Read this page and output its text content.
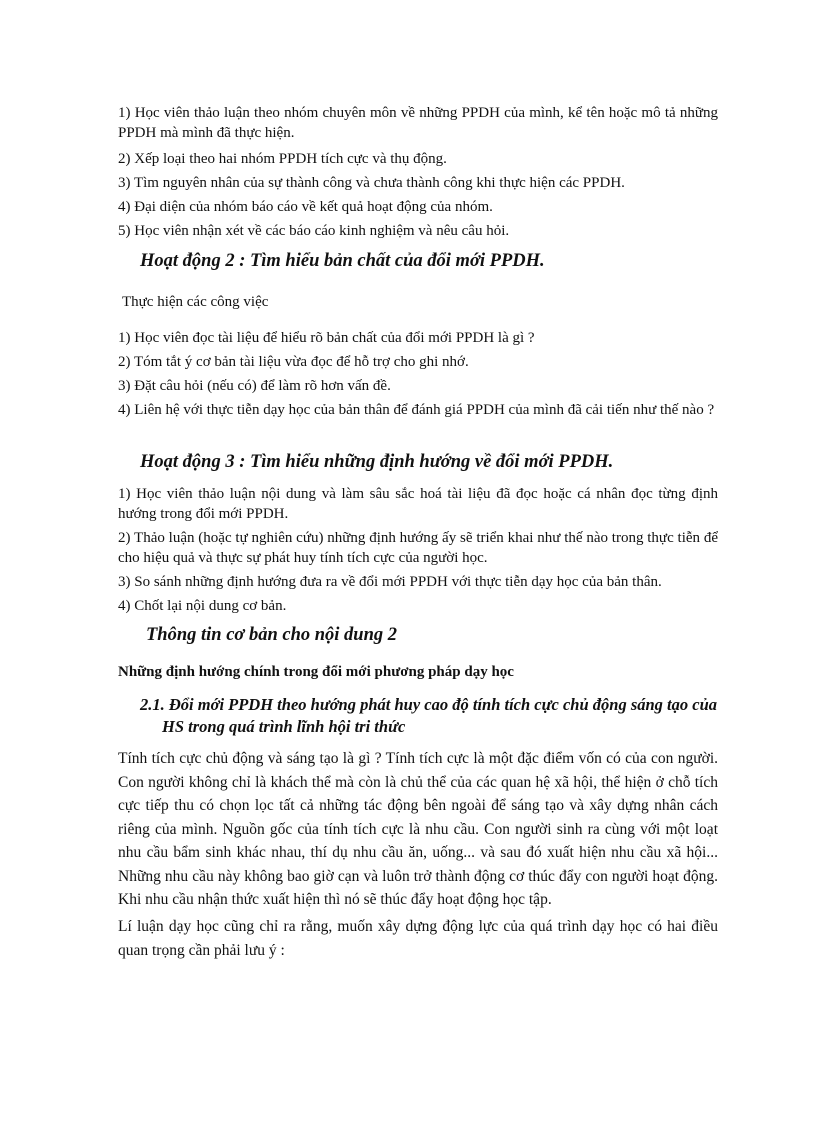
1) Học viên thảo luận theo nhóm chuyên môn về những PPDH của mình, kể tên hoặc mô tả những PPDH mà mình đã thực hiện.

2) Xếp loại theo hai nhóm PPDH tích cực và thụ động.

3) Tìm nguyên nhân của sự thành công và chưa thành công khi thực hiện các PPDH.

4) Đại diện của nhóm báo cáo về kết quả hoạt động của nhóm.

5) Học viên nhận xét về các báo cáo kinh nghiệm và nêu câu hỏi.

Hoạt động 2 : Tìm hiểu bản chất của đổi mới PPDH.

Thực hiện các công việc

1) Học viên đọc tài liệu để hiểu rõ bản chất của đổi mới PPDH là gì ?

2) Tóm tắt ý cơ bản tài liệu vừa đọc để hỗ trợ cho ghi nhớ.

3) Đặt câu hỏi (nếu có) để làm rõ hơn vấn đề.

4) Liên hệ với thực tiễn dạy học của bản thân để đánh giá PPDH của mình đã cải tiến như thế nào ?

Hoạt động 3 : Tìm hiểu những định hướng về đổi mới PPDH.

1) Học viên thảo luận nội dung và làm sâu sắc hoá tài liệu đã đọc hoặc cá nhân đọc từng định hướng trong đổi mới PPDH.

2) Thảo luận (hoặc tự nghiên cứu) những định hướng ấy sẽ triển khai như thế nào trong thực tiễn để cho hiệu quả và thực sự phát huy tính tích cực của người học.

3) So sánh những định hướng đưa ra về đổi mới PPDH với thực tiễn dạy học của bản thân.

4) Chốt lại nội dung cơ bản.

Thông tin cơ bản cho nội dung 2

Những định hướng chính trong đổi mới phương pháp dạy học

2.1. Đổi mới PPDH theo hướng phát huy cao độ tính tích cực chủ động sáng tạo của HS trong quá trình lĩnh hội tri thức

Tính tích cực chủ động và sáng tạo là gì ? Tính tích cực là một đặc điểm vốn có của con người. Con người không chỉ là khách thể mà còn là chủ thể của các quan hệ xã hội, thể hiện ở chỗ tích cực tiếp thu có chọn lọc tất cả những tác động bên ngoài để sáng tạo và xây dựng nhân cách riêng của mình. Nguồn gốc của tính tích cực là nhu cầu. Con người sinh ra cùng với một loạt nhu cầu bẩm sinh khác nhau, thí dụ nhu cầu ăn, uống... và sau đó xuất hiện nhu cầu xã hội... Những nhu cầu này không bao giờ cạn và luôn trở thành động cơ thúc đẩy con người hoạt động. Khi nhu cầu nhận thức xuất hiện thì nó sẽ thúc đẩy hoạt động học tập.

Lí luận dạy học cũng chỉ ra rằng, muốn xây dựng động lực của quá trình dạy học có hai điều quan trọng cần phải lưu ý :
